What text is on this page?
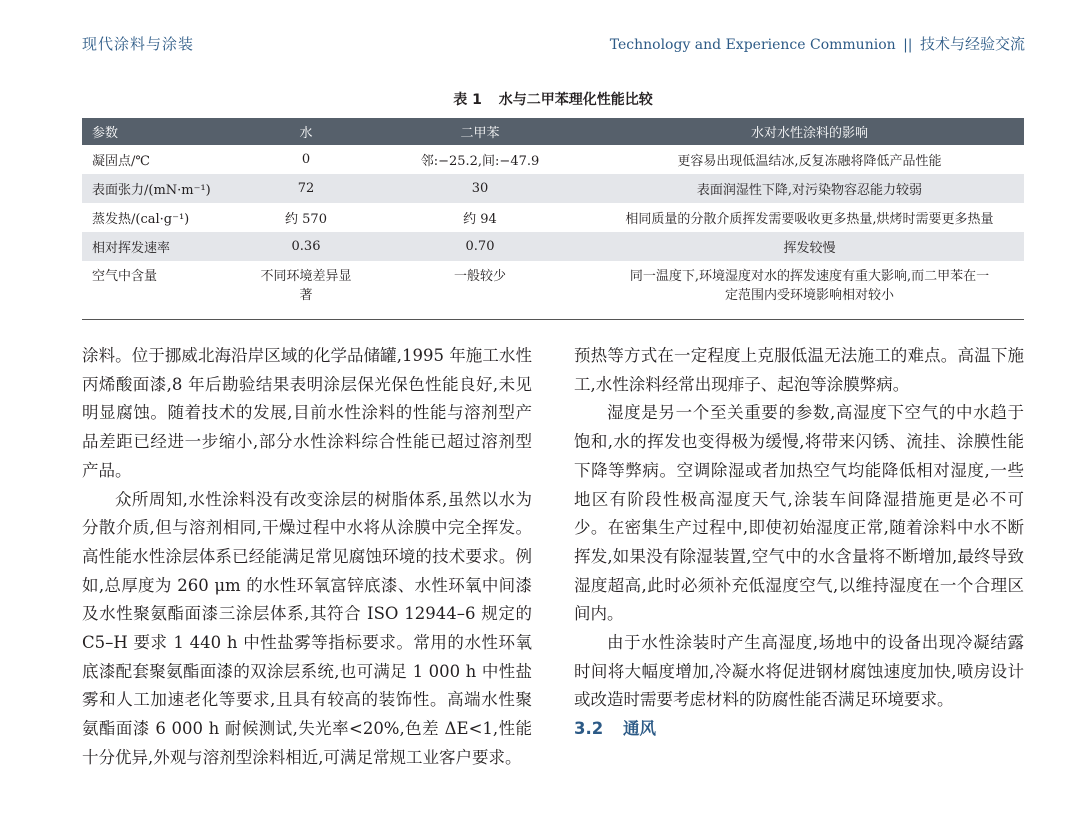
现代涂料与涂装	Technology and Experience Communion || 技术与经验交流
表 1 水与二甲苯理化性能比较
参数	水	二甲苯	水对水性涂料的影响
凝固点/℃	0	邻:−25.2,间:−47.9	更容易出现低温结冰,反复冻融将降低产品性能
表面张力/(mN·m⁻¹)	72	30	表面润湿性下降,对污染物容忍能力较弱
蒸发热/(cal·g⁻¹)	约 570	约 94	相同质量的分散介质挥发需要吸收更多热量,烘烤时需要更多热量
相对挥发速率	0.36	0.70	挥发较慢
空气中含量	不同环境差异显著	一般较少	同一温度下,环境湿度对水的挥发速度有重大影响,而二甲苯在一定范围内受环境影响相对较小

涂料。位于挪威北海沿岸区域的化学品储罐,1995 年施工水性丙烯酸面漆,8 年后勘验结果表明涂层保光保色性能良好,未见明显腐蚀。随着技术的发展,目前水性涂料的性能与溶剂型产品差距已经进一步缩小,部分水性涂料综合性能已超过溶剂型产品。

众所周知,水性涂料没有改变涂层的树脂体系,虽然以水为分散介质,但与溶剂相同,干燥过程中水将从涂膜中完全挥发。高性能水性涂层体系已经能满足常见腐蚀环境的技术要求。例如,总厚度为 260 μm 的水性环氧富锌底漆、水性环氧中间漆及水性聚氨酯面漆三涂层体系,其符合 ISO 12944–6 规定的 C5–H 要求 1 440 h 中性盐雾等指标要求。常用的水性环氧底漆配套聚氨酯面漆的双涂层系统,也可满足 1 000 h 中性盐雾和人工加速老化等要求,且具有较高的装饰性。高端水性聚氨酯面漆 6 000 h 耐候测试,失光率<20%,色差 ΔE<1,性能十分优异,外观与溶剂型涂料相近,可满足常规工业客户要求。

预热等方式在一定程度上克服低温无法施工的难点。高温下施工,水性涂料经常出现痱子、起泡等涂膜弊病。

湿度是另一个至关重要的参数,高湿度下空气的中水趋于饱和,水的挥发也变得极为缓慢,将带来闪锈、流挂、涂膜性能下降等弊病。空调除湿或者加热空气均能降低相对湿度,一些地区有阶段性极高湿度天气,涂装车间降湿措施更是必不可少。在密集生产过程中,即使初始湿度正常,随着涂料中水不断挥发,如果没有除湿装置,空气中的水含量将不断增加,最终导致湿度超高,此时必须补充低湿度空气,以维持湿度在一个合理区间内。

由于水性涂装时产生高湿度,场地中的设备出现冷凝结露时间将大幅度增加,冷凝水将促进钢材腐蚀速度加快,喷房设计或改造时需要考虑材料的防腐性能否满足环境要求。

3.2 通风
